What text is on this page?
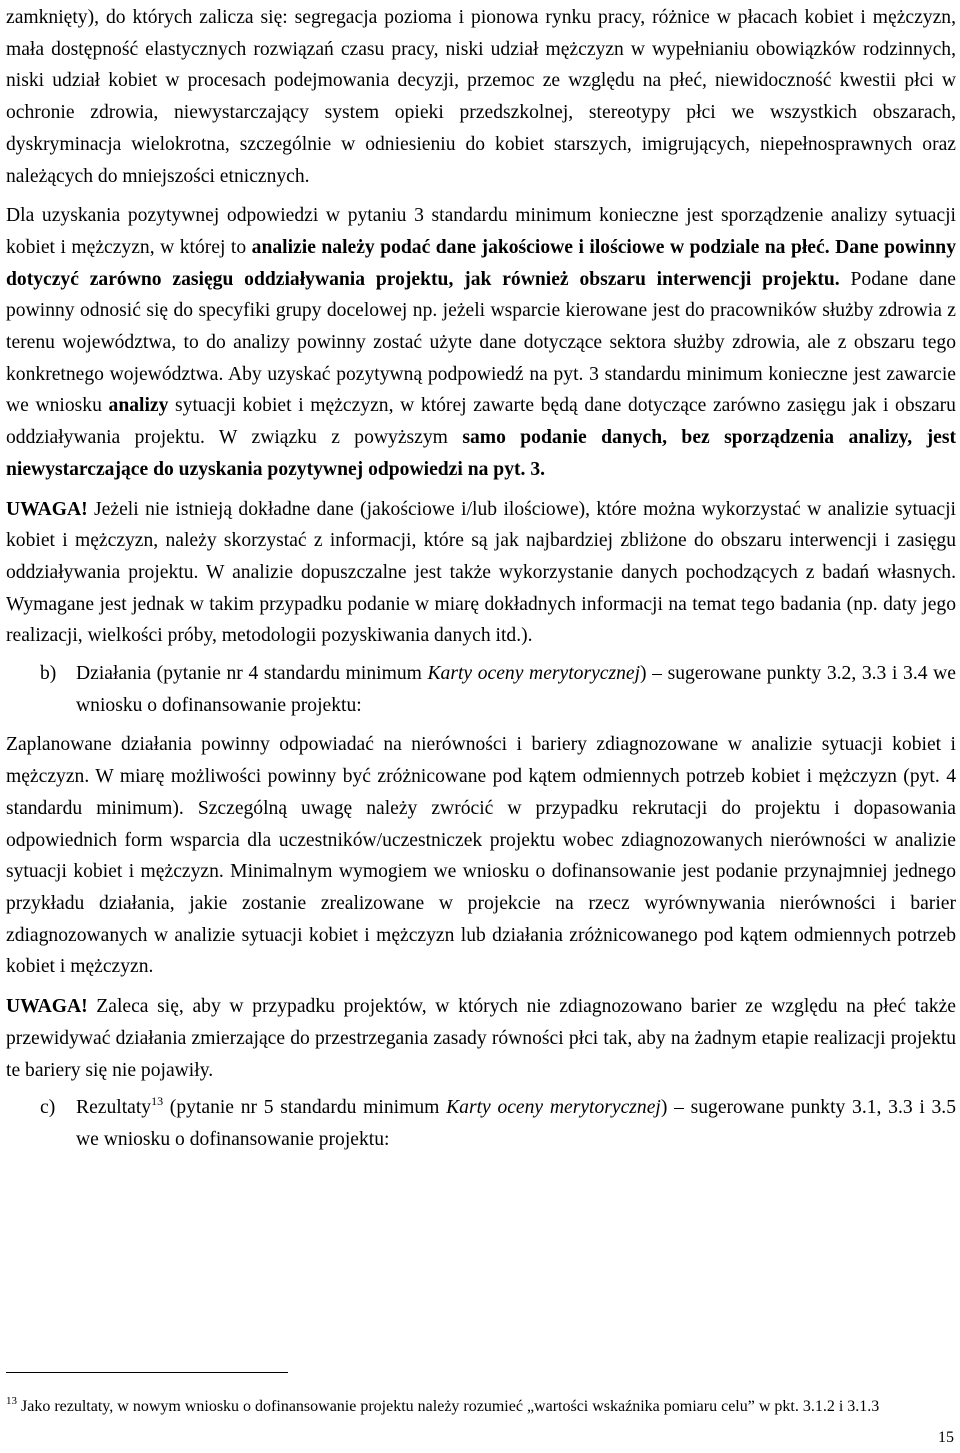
zamknięty), do których zalicza się: segregacja pozioma i pionowa rynku pracy, różnice w płacach kobiet i mężczyzn, mała dostępność elastycznych rozwiązań czasu pracy, niski udział mężczyzn w wypełnianiu obowiązków rodzinnych, niski udział kobiet w procesach podejmowania decyzji, przemoc ze względu na płeć, niewidoczność kwestii płci w ochronie zdrowia, niewystarczający system opieki przedszkolnej, stereotypy płci we wszystkich obszarach, dyskryminacja wielokrotna, szczególnie w odniesieniu do kobiet starszych, imigrujących, niepełnosprawnych oraz należących do mniejszości etnicznych.

Dla uzyskania pozytywnej odpowiedzi w pytaniu 3 standardu minimum konieczne jest sporządzenie analizy sytuacji kobiet i mężczyzn, w której to analizie należy podać dane jakościowe i ilościowe w podziale na płeć. Dane powinny dotyczyć zarówno zasięgu oddziaływania projektu, jak również obszaru interwencji projektu. Podane dane powinny odnosić się do specyfiki grupy docelowej np. jeżeli wsparcie kierowane jest do pracowników służby zdrowia z terenu województwa, to do analizy powinny zostać użyte dane dotyczące sektora służby zdrowia, ale z obszaru tego konkretnego województwa. Aby uzyskać pozytywną podpowiedź na pyt. 3 standardu minimum konieczne jest zawarcie we wniosku analizy sytuacji kobiet i mężczyzn, w której zawarte będą dane dotyczące zarówno zasięgu jak i obszaru oddziaływania projektu. W związku z powyższym samo podanie danych, bez sporządzenia analizy, jest niewystarczające do uzyskania pozytywnej odpowiedzi na pyt. 3.

UWAGA! Jeżeli nie istnieją dokładne dane (jakościowe i/lub ilościowe), które można wykorzystać w analizie sytuacji kobiet i mężczyzn, należy skorzystać z informacji, które są jak najbardziej zbliżone do obszaru interwencji i zasięgu oddziaływania projektu. W analizie dopuszczalne jest także wykorzystanie danych pochodzących z badań własnych. Wymagane jest jednak w takim przypadku podanie w miarę dokładnych informacji na temat tego badania (np. daty jego realizacji, wielkości próby, metodologii pozyskiwania danych itd.).

b)	Działania (pytanie nr 4 standardu minimum Karty oceny merytorycznej) – sugerowane punkty 3.2, 3.3 i 3.4 we wniosku o dofinansowanie projektu:

Zaplanowane działania powinny odpowiadać na nierówności i bariery zdiagnozowane w analizie sytuacji kobiet i mężczyzn. W miarę możliwości powinny być zróżnicowane pod kątem odmiennych potrzeb kobiet i mężczyzn (pyt. 4 standardu minimum). Szczególną uwagę należy zwrócić w przypadku rekrutacji do projektu i dopasowania odpowiednich form wsparcia dla uczestników/uczestniczek projektu wobec zdiagnozowanych nierówności w analizie sytuacji kobiet i mężczyzn. Minimalnym wymogiem we wniosku o dofinansowanie jest podanie przynajmniej jednego przykładu działania, jakie zostanie zrealizowane w projekcie na rzecz wyrównywania nierówności i barier zdiagnozowanych w analizie sytuacji kobiet i mężczyzn lub działania zróżnicowanego pod kątem odmiennych potrzeb kobiet i mężczyzn.

UWAGA! Zaleca się, aby w przypadku projektów, w których nie zdiagnozowano barier ze względu na płeć także przewidywać działania zmierzające do przestrzegania zasady równości płci tak, aby na żadnym etapie realizacji projektu te bariery się nie pojawiły.

c)	Rezultaty$^{13}$ (pytanie nr 5 standardu minimum Karty oceny merytorycznej) – sugerowane punkty 3.1, 3.3 i 3.5 we wniosku o dofinansowanie projektu:

$^{13}$ Jako rezultaty, w nowym wniosku o dofinansowanie projektu należy rozumieć „wartości wskaźnika pomiaru celu” w pkt. 3.1.2 i 3.1.3

15
